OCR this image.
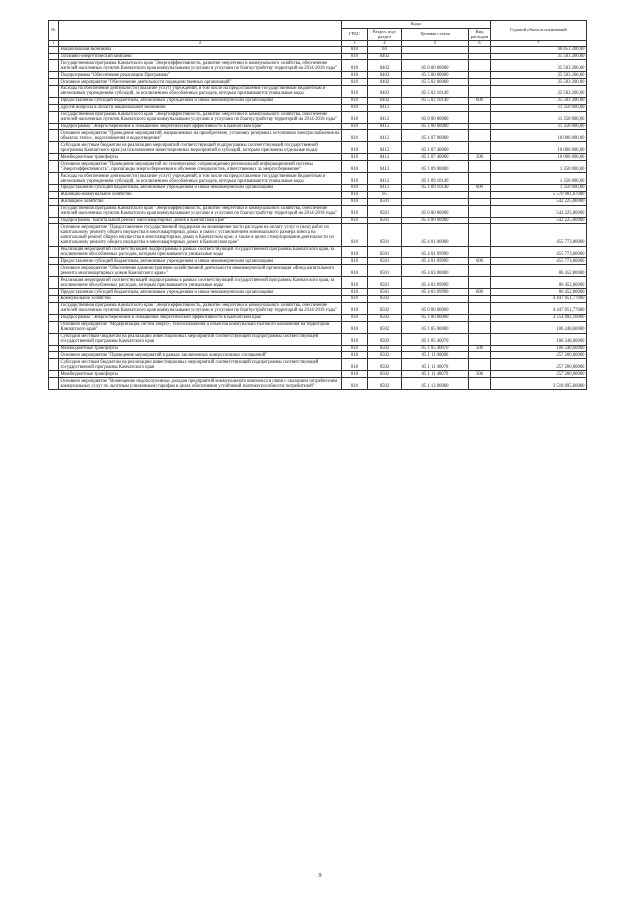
№		Коды				Годовой объем ассигнований
		ГРБС	Раздел, под-раздел	Целевая статья	Вид расходов	
1	2	3	4	5	6	7
	Национальная экономика	810	04			46 853 200,00
	Топливно-энергетический комплекс	810	0402			35 503 200,00
	Государственная программа Камчатского края "Энергоэффективность, развитие энергетики и коммунального хозяйства, обеспечение жителей населенных пунктов Камчатского края коммунальными услугами и услугами по благоустройству территорий на 2014-2018 годы"	810	0402	05 0 00 00000		35 503 200,00
	Подпрограмма "Обеспечение реализации Программы"	810	0402	05 5 00 00000		35 503 200,00
	Основное мероприятие "Обеспечение деятельности подведомственных организаций"	810	0402	05 5 02 00000		35 503 200,00
	Расходы на обеспечение деятельности (оказание услуг) учреждений, в том числе на предоставление государственным бюджетным и автономным учреждениям субсидий, за исключением обособленных расходов, которым присваиваются уникальные коды	810	0402	05 5 02 10140		35 503 200,00
	Предоставление субсидий бюджетным, автономным учреждениям и иным некоммерческим организациям	810	0402	05 5 02 10140	600	35 503 200,00
	Другие вопросы в области национальной экономики	810	0412			11 350 000,00
	Государственная программа Камчатского края "Энергоэффективность, развитие энергетики и коммунального хозяйства, обеспечение жителей населенных пунктов Камчатского края коммунальными услугами и услугами по благоустройству территорий на 2014-2018 годы"	810	0412	05 0 00 00000		11 350 000,00
	Подпрограмма "Энергосбережение и повышение энергетической эффективности в Камчатском крае"	810	0412	05 1 00 00000		11 350 000,00
	Основное мероприятие "Проведение мероприятий, направленных на приобретение, установку резервных источников электроснабжения на объектах тепло-, водоснабжения и водоотведения"	810	0412	05 1 07 00000		10 000 000,00
	Субсидии местным бюджетам на реализацию мероприятий соответствующей подпрограммы соответствующей государственной программы Камчатского края (за исключением инвестиционных мероприятий и субсидий, которым присвоены отдельные коды)	810	0412	05 1 07 40060		10 000 000,00
	Межбюджетные трансферты	810	0412	05 1 07 40060	500	10 000 000,00
	Основное мероприятие "Проведение мероприятий по техническому сопровождению региональной информационной системы "Энергоэффективность", пропаганды энергосбережения и обучение специалистов, ответственных за энергосбережение"	810	0412	05 1 09 00000		1 350 000,00
	Расходы на обеспечение деятельности (оказание услуг) учреждений, в том числе на предоставление государственным бюджетным и автономным учреждениям субсидий, за исключением обособленных расходов, которым присваиваются уникальные коды	810	0412	05 1 09 10140		1 350 000,00
	Предоставление субсидий бюджетным, автономным учреждениям и иным некоммерческим организациям	810	0412	05 1 09 10140	600	1 350 000,00
	Жилищно-коммунальное хозяйство	810	05			5 570 981,67000
	Жилищное хозяйство	810	0501			542 225,80000
	Государственная программа Камчатского края "Энергоэффективность, развитие энергетики и коммунального хозяйства, обеспечение жителей населенных пунктов Камчатского края коммунальными услугами и услугами по благоустройству территорий на 2014-2018 годы"	810	0501	05 0 00 00000		542 225,80000
	Подпрограмма "Капитальный ремонт многоквартирных домов в Камчатском крае"	810	0501	05 4 00 00000		542 225,80000
	Основное мероприятие "Предоставление государственной поддержки на возмещение части расходов на оплату услуг и (или) работ по капитальному ремонту общего имущества в многоквартирных домах в связи с установлением минимального размера взноса на капитальный ремонт общего имущества в многоквартирных домах в Камчатском крае, а также в целях стимулирования деятельности по капитальному ремонту общего имущества в многоквартирных домах в Камчатском крае"	810	0501	05 4 01 00000		455 773,00000
	Реализация мероприятий соответствующей подпрограммы в рамках соответствующей государственной программы Камчатского края, за исключением обособленных расходов, которым присваиваются уникальные коды	810	0501	05 4 01 09990		455 773,00000
	Предоставление субсидий бюджетным, автономным учреждениям и иным некоммерческим организациям	810	0501	05 4 01 09990	600	455 773,00000
	Основное мероприятие "Обеспечение административно-хозяйственной деятельности некоммерческой организации «Фонд капитального ремонта многоквартирных домов Камчатского края»"	810	0501	05 4 03 00000		86 452,80000
	Реализация мероприятий соответствующей подпрограммы в рамках соответствующей государственной программы Камчатского края, за исключением обособленных расходов, которым присваиваются уникальные коды	810	0501	05 4 03 09990		86 452,80000
	Предоставление субсидий бюджетным, автономным учреждениям и иным некоммерческим организациям	810	0501	05 4 03 09990	600	86 452,80000
	Коммунальное хозяйство	810	0502			4 447 051,77600
	Государственная программа Камчатского края "Энергоэффективность, развитие энергетики и коммунального хозяйства, обеспечение жителей населенных пунктов Камчатского края коммунальными услугами и услугами по благоустройству территорий на 2014-2018 годы"	810	0502	05 0 00 00000		4 447 051,77600
	Подпрограмма "Энергосбережение и повышение энергетической эффективности в Камчатском крае"	810	0502	05 1 00 00000		4 254 892,10000
	Основное мероприятие "Модернизация систем энерго-, теплоснабжения и объектов коммунально-бытового назначения на территории Камчатского края"	810	0502	05 1 05 00000		106 248,60000
	Субсидии местным бюджетам на реализацию инвестиционных мероприятий соответствующей подпрограммы соответствующей государственной программы Камчатского края	810	0502	05 1 05 40070		106 248,60000
	Межбюджетные трансферты	810	0502	05 1 05 40070	500	106 248,60000
	Основное мероприятие "Проведение мероприятий в рамках заключенных концессионных соглашений"	810	0502	05 1 11 00000		257 200,00000
	Субсидии местным бюджетам на реализацию инвестиционных мероприятий соответствующей подпрограммы соответствующей государственной программы Камчатского края	810	0502	05 1 11 40070		257 200,00000
	Межбюджетные трансферты	810	0502	05 1 11 40070	500	257 200,00000
	Основное мероприятие "Возмещение недополученных доходов предприятий коммунального комплекса в связи с оказанием потребителям коммунальных услуг по льготным (сниженным) тарифам в целях обеспечения устойчивой платежеспособности потребителей"	810	0502	05 1 13 00000		3 518 695,60000
9
